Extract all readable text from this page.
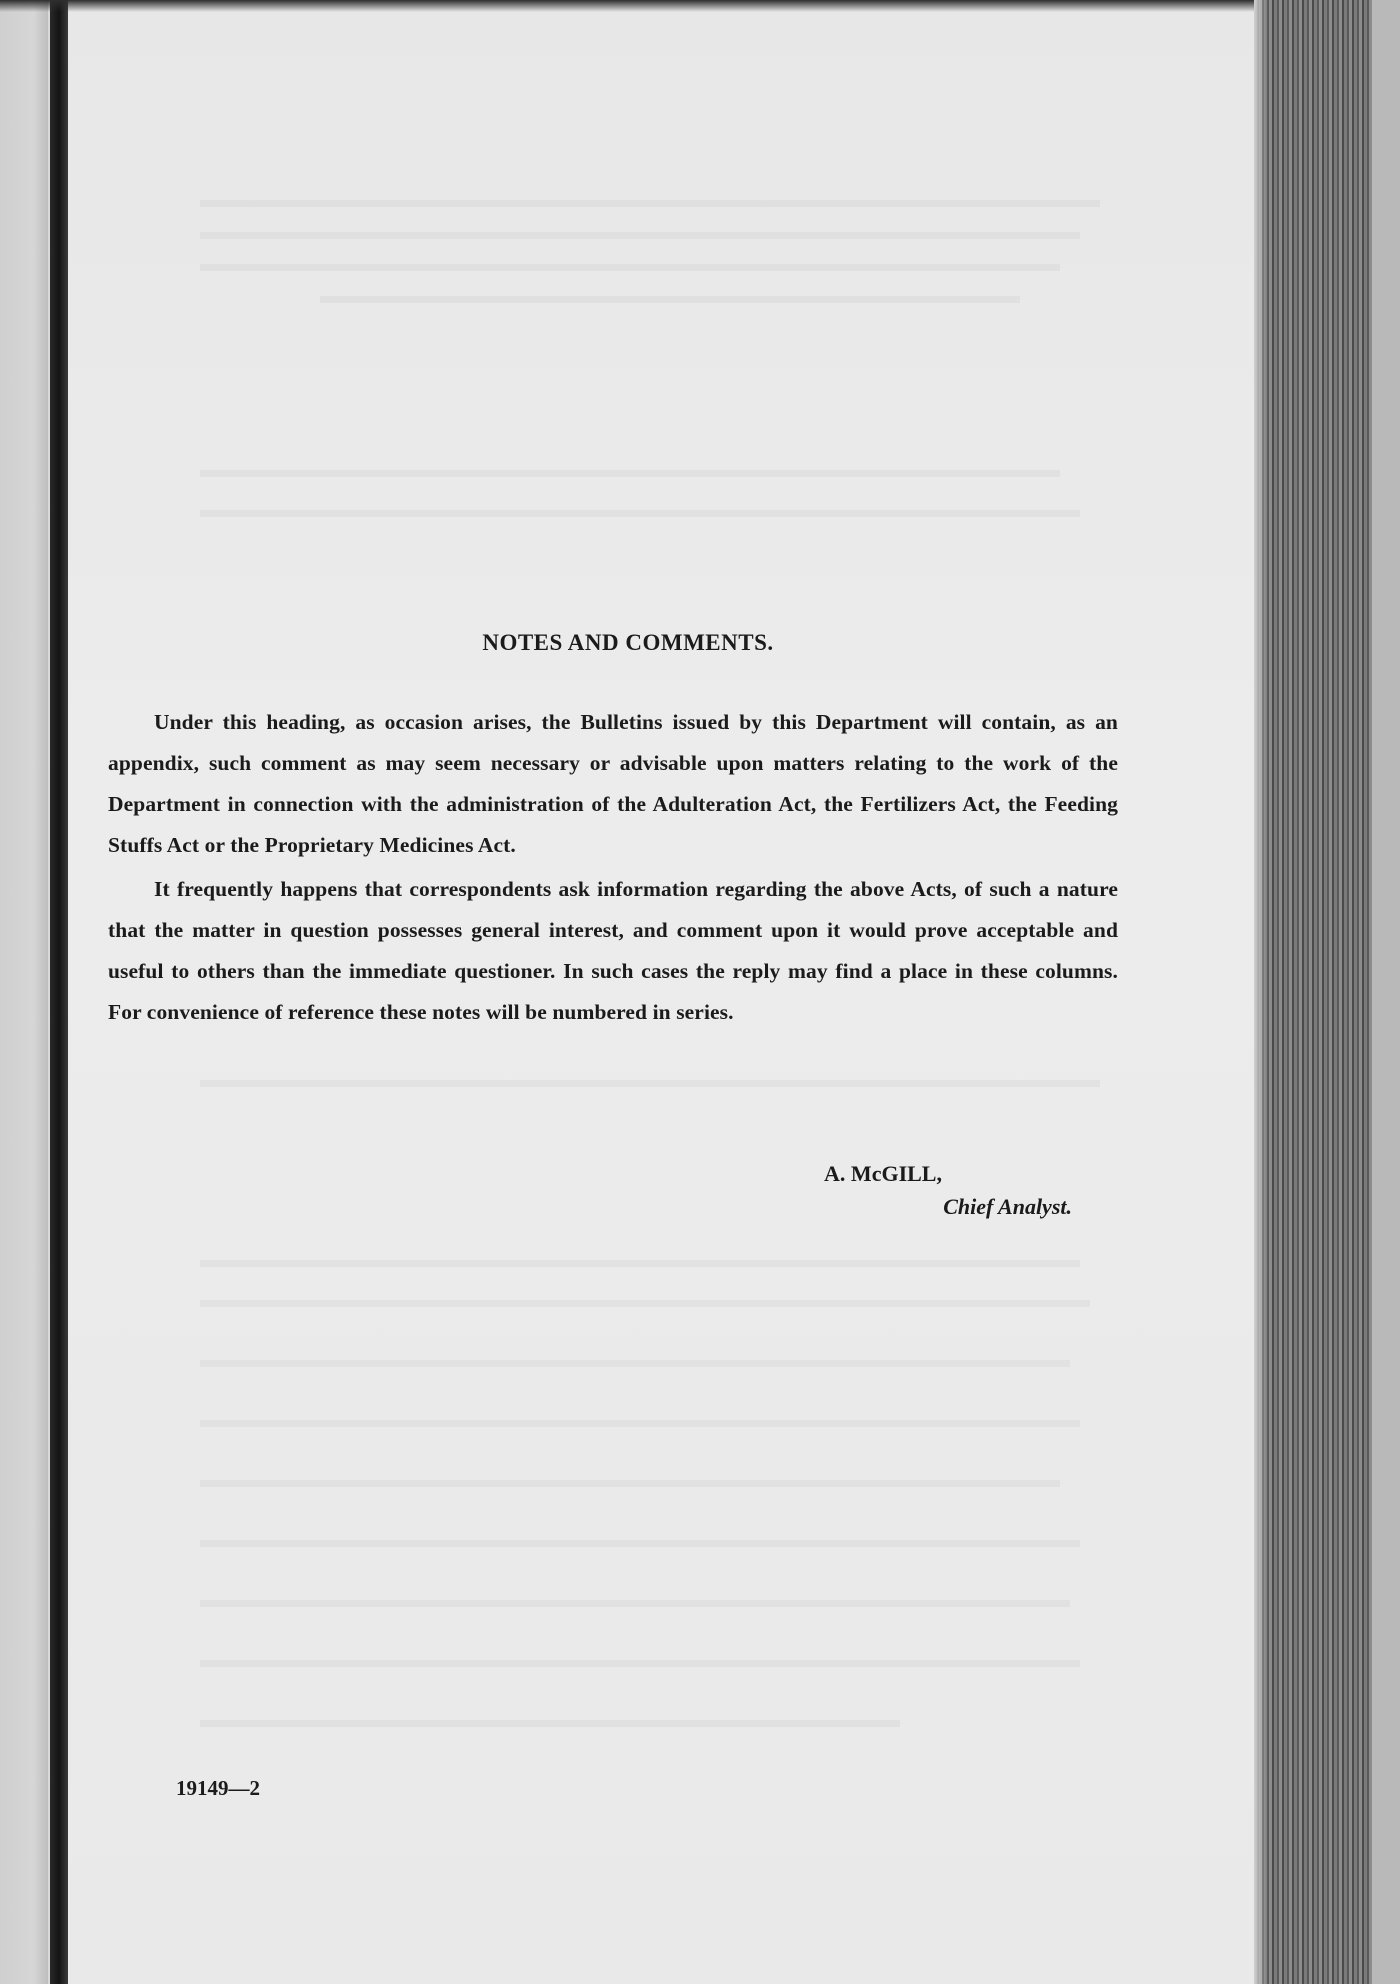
NOTES AND COMMENTS.

Under this heading, as occasion arises, the Bulletins issued by this Department will contain, as an appendix, such comment as may seem necessary or advisable upon matters relating to the work of the Department in connection with the administration of the Adulteration Act, the Fertilizers Act, the Feeding Stuffs Act or the Proprietary Medicines Act.

It frequently happens that correspondents ask information regarding the above Acts, of such a nature that the matter in question possesses general interest, and comment upon it would prove acceptable and useful to others than the immediate questioner. In such cases the reply may find a place in these columns. For convenience of reference these notes will be numbered in series.

A. McGILL,
Chief Analyst.
19149—2
